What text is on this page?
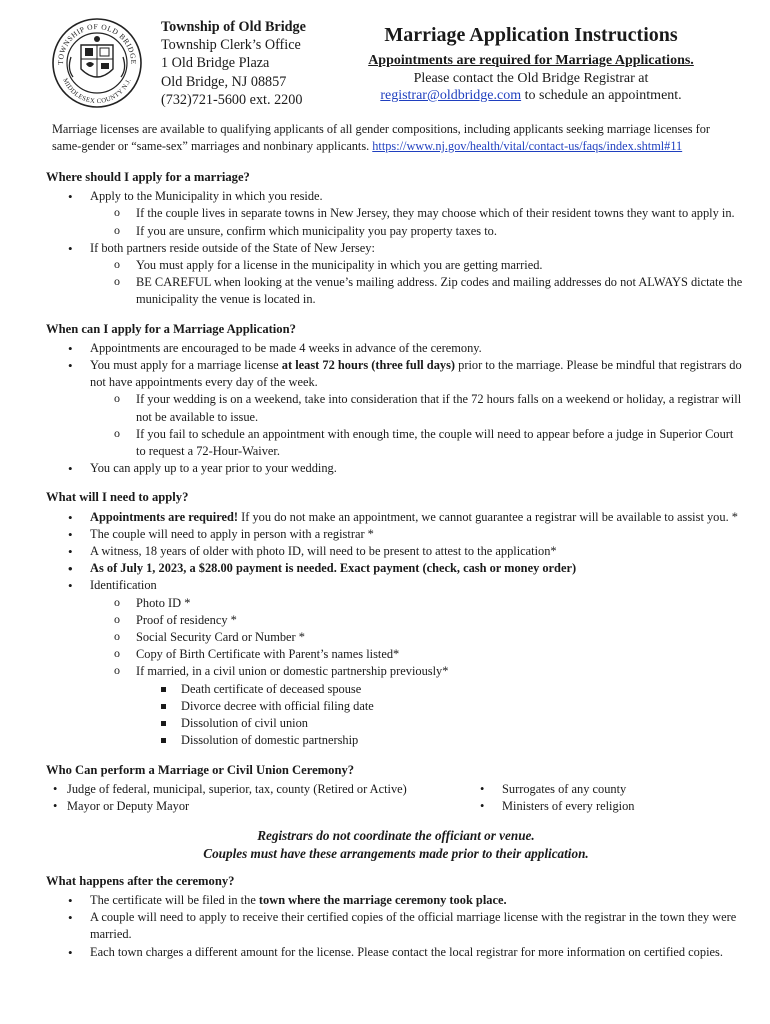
TOWNSHIP OF OLD BRIDGE
MIDDLESEX COUNTY N.J.
Township of Old Bridge
Township Clerk’s Office
1 Old Bridge Plaza
Old Bridge, NJ 08857
(732)721-5600 ext. 2200
Marriage Application Instructions
Appointments are required for Marriage Applications.
Please contact the Old Bridge Registrar at
registrar@oldbridge.com to schedule an appointment.
Marriage licenses are available to qualifying applicants of all gender compositions, including applicants seeking marriage licenses for same-gender or “same-sex” marriages and nonbinary applicants. https://www.nj.gov/health/vital/contact-us/faqs/index.shtml#11
Where should I apply for a marriage?
• Apply to the Municipality in which you reside.
o If the couple lives in separate towns in New Jersey, they may choose which of their resident towns they want to apply in.
o If you are unsure, confirm which municipality you pay property taxes to.
• If both partners reside outside of the State of New Jersey:
o You must apply for a license in the municipality in which you are getting married.
o BE CAREFUL when looking at the venue’s mailing address. Zip codes and mailing addresses do not ALWAYS dictate the municipality the venue is located in.
When can I apply for a Marriage Application?
• Appointments are encouraged to be made 4 weeks in advance of the ceremony.
• You must apply for a marriage license at least 72 hours (three full days) prior to the marriage. Please be mindful that registrars do not have appointments every day of the week.
o If your wedding is on a weekend, take into consideration that if the 72 hours falls on a weekend or holiday, a registrar will not be available to issue.
o If you fail to schedule an appointment with enough time, the couple will need to appear before a judge in Superior Court to request a 72-Hour-Waiver.
• You can apply up to a year prior to your wedding.
What will I need to apply?
• Appointments are required! If you do not make an appointment, we cannot guarantee a registrar will be available to assist you. *
• The couple will need to apply in person with a registrar *
• A witness, 18 years of older with photo ID, will need to be present to attest to the application*
• As of July 1, 2023, a $28.00 payment is needed. Exact payment (check, cash or money order)
• Identification
o Photo ID *
o Proof of residency *
o Social Security Card or Number *
o Copy of Birth Certificate with Parent’s names listed*
o If married, in a civil union or domestic partnership previously*
Death certificate of deceased spouse
Divorce decree with official filing date
Dissolution of civil union
Dissolution of domestic partnership
Who Can perform a Marriage or Civil Union Ceremony?
• Judge of federal, municipal, superior, tax, county (Retired or Active)
• Mayor or Deputy Mayor
• Surrogates of any county
• Ministers of every religion
Registrars do not coordinate the officiant or venue.
Couples must have these arrangements made prior to their application.
What happens after the ceremony?
• The certificate will be filed in the town where the marriage ceremony took place.
• A couple will need to apply to receive their certified copies of the official marriage license with the registrar in the town they were married.
• Each town charges a different amount for the license. Please contact the local registrar for more information on certified copies.
